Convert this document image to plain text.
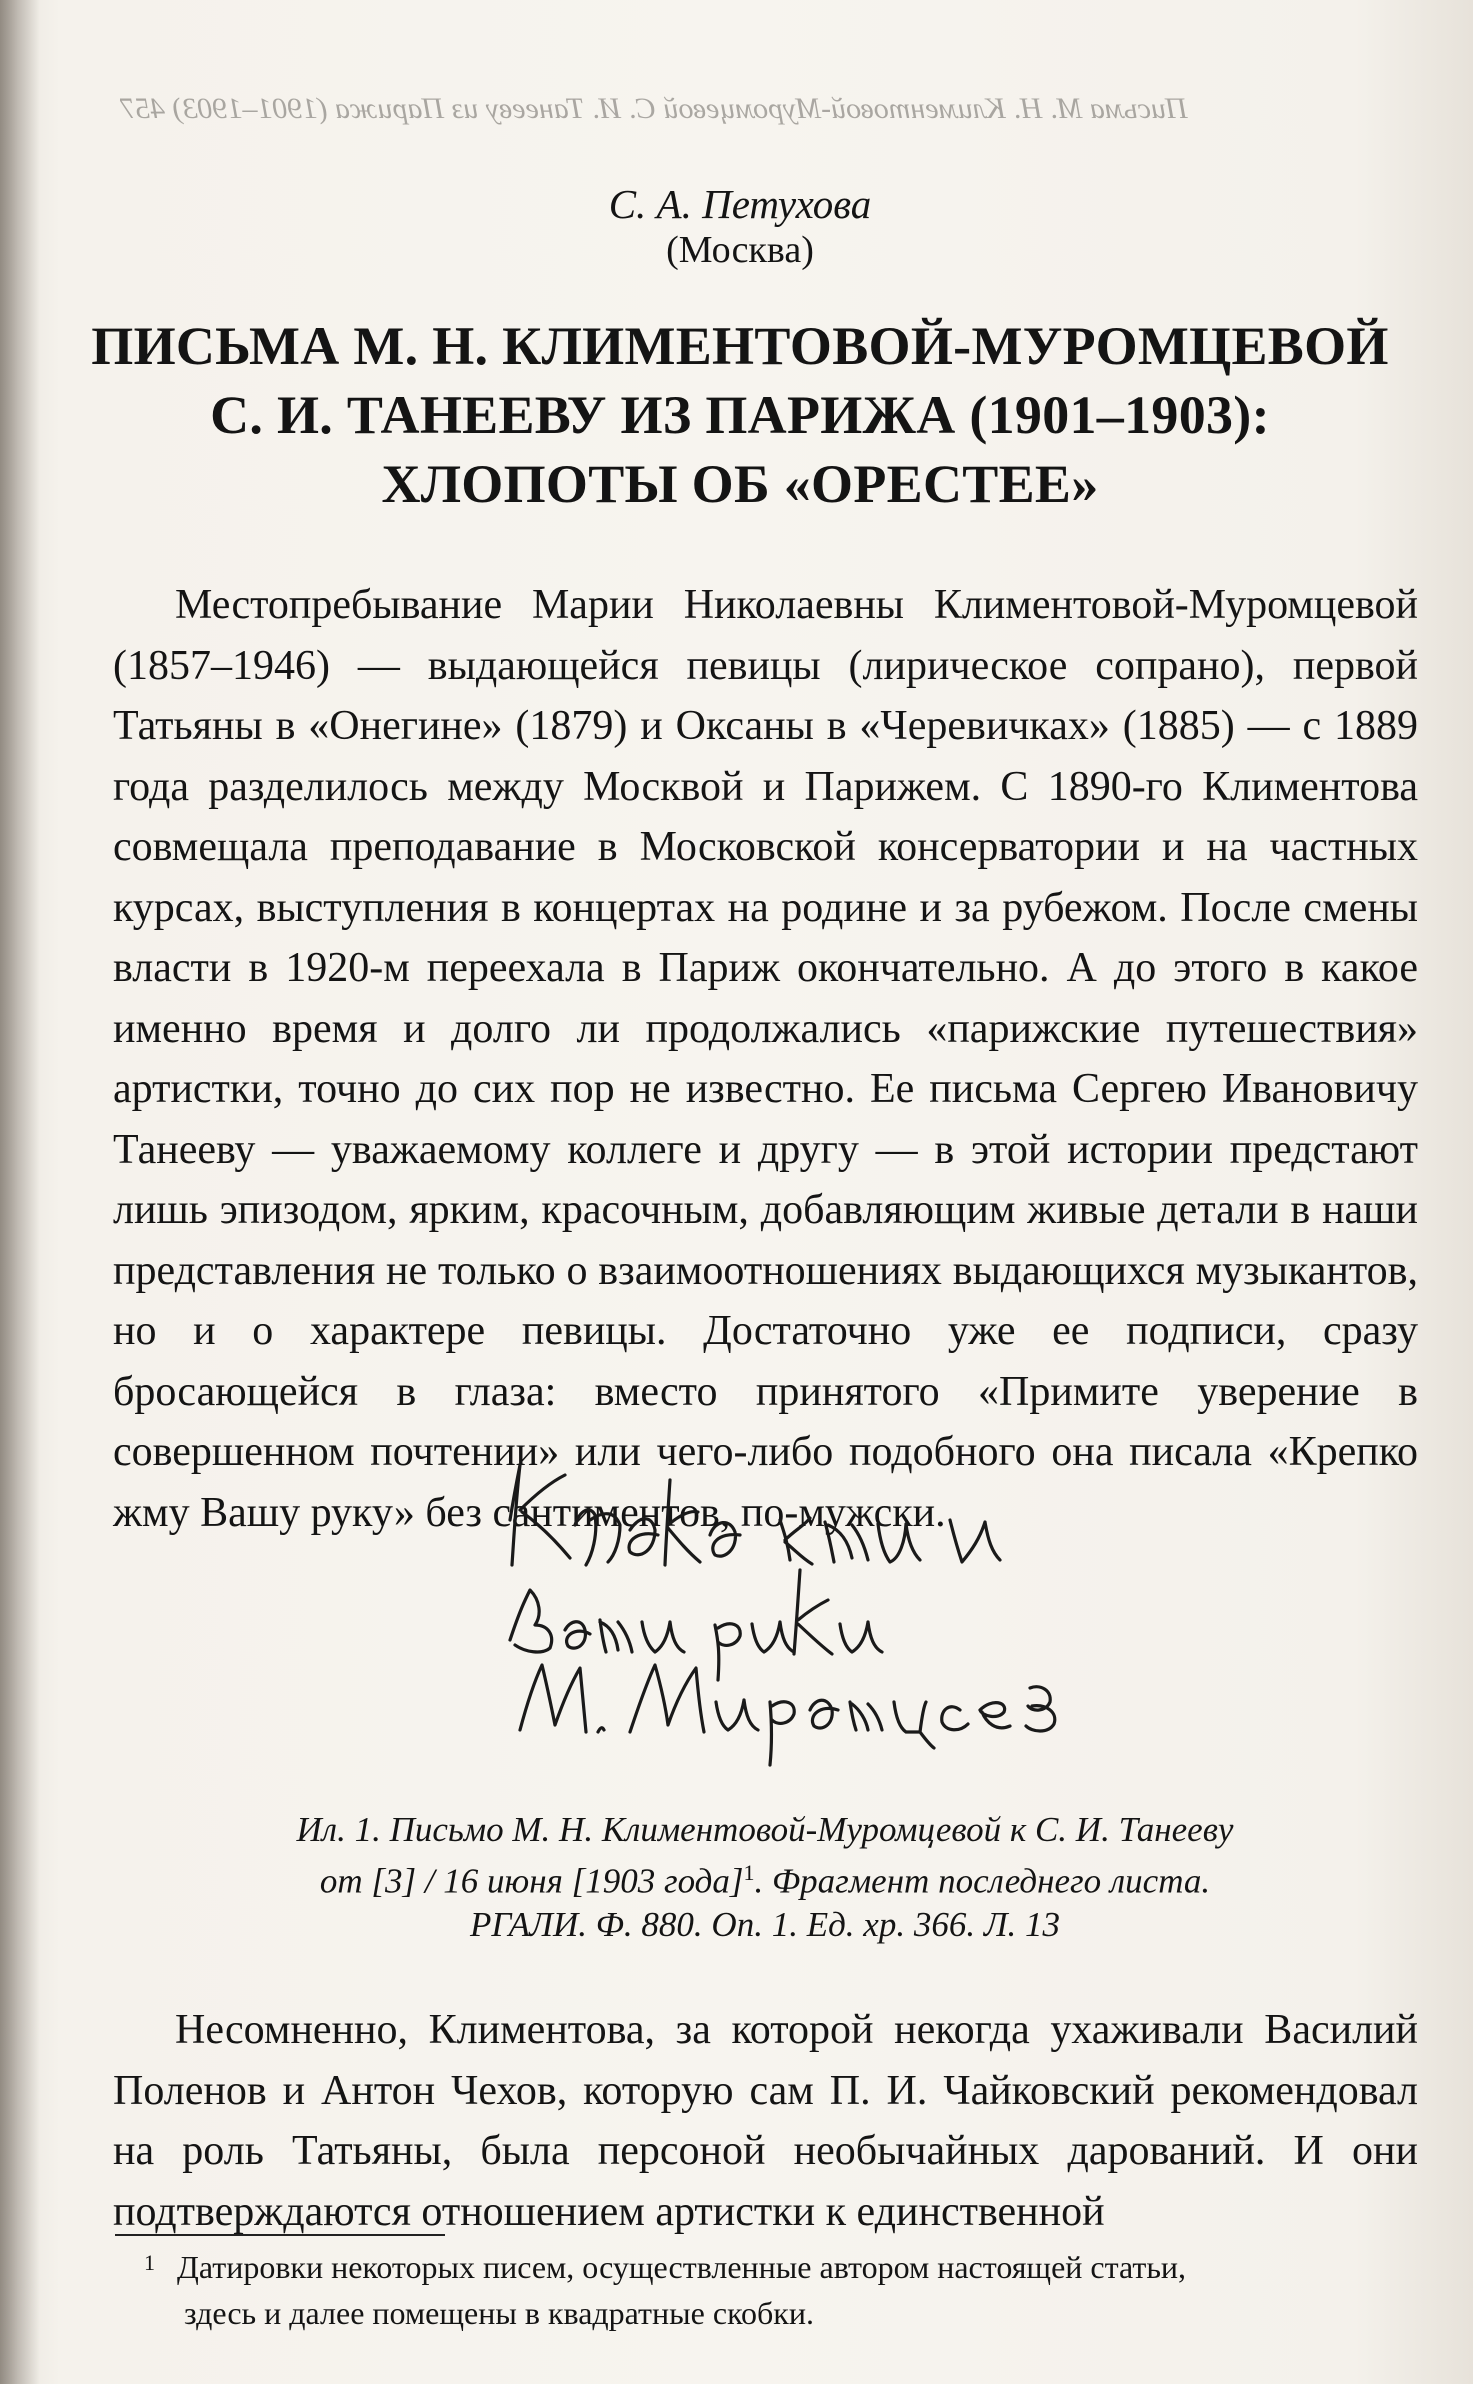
Письма М. Н. Климентовой-Муромцевой С. И. Танееву из Парижа (1901–1903) 457
С. А. Петухова
(Москва)
ПИСЬМА М. Н. КЛИМЕНТОВОЙ-МУРОМЦЕВОЙ
С. И. ТАНЕЕВУ ИЗ ПАРИЖА (1901–1903):
ХЛОПОТЫ ОБ «ОРЕСТЕЕ»

Местопребывание Марии Николаевны Климентовой-Муромцевой (1857–1946) — выдающейся певицы (лирическое сопрано), первой Татьяны в «Онегине» (1879) и Оксаны в «Черевичках» (1885) — с 1889 года разделилось между Москвой и Парижем. С 1890-го Климентова совмещала преподавание в Московской консерватории и на частных курсах, выступления в концертах на родине и за рубежом. После смены власти в 1920-м переехала в Париж окончательно. А до этого в какое именно время и долго ли продолжались «парижские путешествия» артистки, точно до сих пор не известно. Ее письма Сергею Ивановичу Танееву — уважаемому коллеге и другу — в этой истории предстают лишь эпизодом, ярким, красочным, добавляющим живые детали в наши представления не только о взаимоотношениях выдающихся музыкантов, но и о характере певицы. Достаточно уже ее подписи, сразу бросающейся в глаза: вместо принятого «Примите уверение в совершенном почтении» или чего-либо подобного она писала «Крепко жму Вашу руку» без сантиментов, по-мужски.

Ил. 1. Письмо М. Н. Климентовой-Муромцевой к С. И. Танееву
от [3] / 16 июня [1903 года]$^1$. Фрагмент последнего листа.
РГАЛИ. Ф. 880. Оп. 1. Ед. хр. 366. Л. 13

Несомненно, Климентова, за которой некогда ухаживали Василий Поленов и Антон Чехов, которую сам П. И. Чайковский рекомендовал на роль Татьяны, была персоной необычайных дарований. И они подтверждаются отношением артистки к единственной

1 Датировки некоторых писем, осуществленные автором настоящей статьи,
здесь и далее помещены в квадратные скобки.
